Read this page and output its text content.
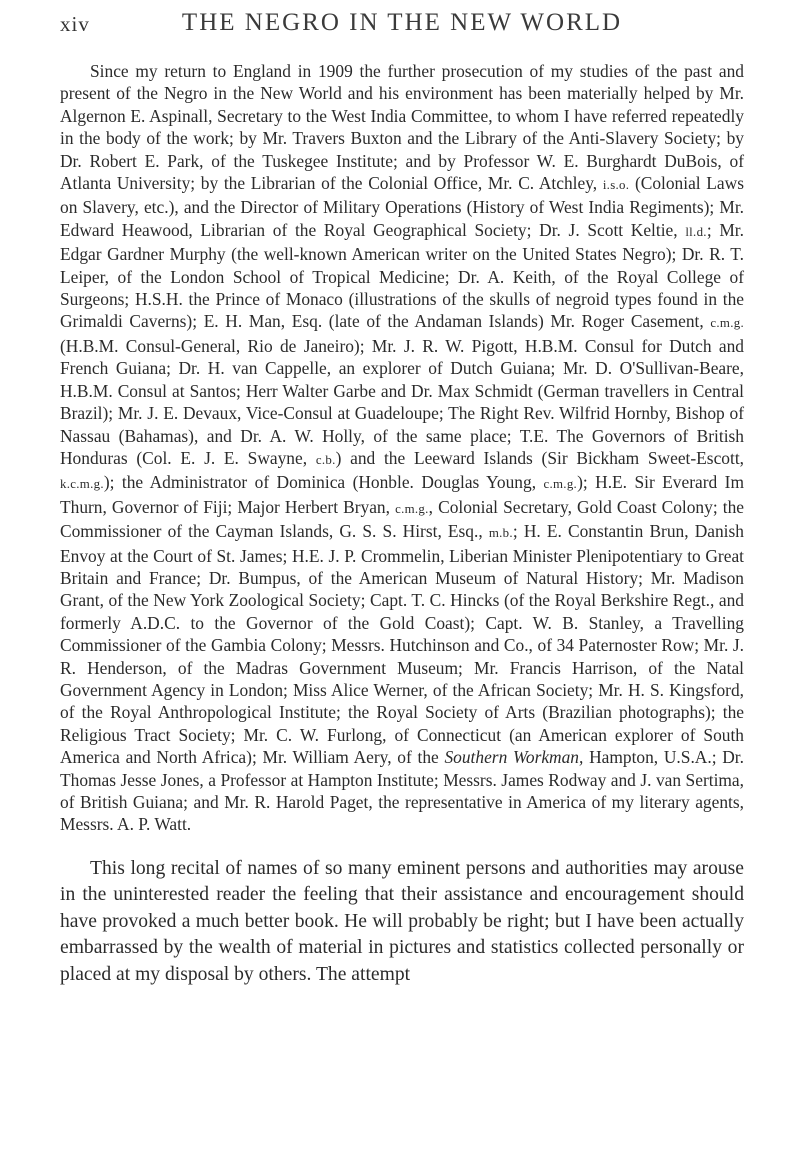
xiv	THE NEGRO IN THE NEW WORLD

Since my return to England in 1909 the further prosecution of my studies of the past and present of the Negro in the New World and his environment has been materially helped by Mr. Algernon E. Aspinall, Secretary to the West India Committee, to whom I have referred repeatedly in the body of the work; by Mr. Travers Buxton and the Library of the Anti-Slavery Society; by Dr. Robert E. Park, of the Tuskegee Institute; and by Professor W. E. Burghardt DuBois, of Atlanta University; by the Librarian of the Colonial Office, Mr. C. Atchley, i.s.o. (Colonial Laws on Slavery, etc.), and the Director of Military Operations (History of West India Regiments); Mr. Edward Heawood, Librarian of the Royal Geographical Society; Dr. J. Scott Keltie, ll.d.; Mr. Edgar Gardner Murphy (the well-known American writer on the United States Negro); Dr. R. T. Leiper, of the London School of Tropical Medicine; Dr. A. Keith, of the Royal College of Surgeons; H.S.H. the Prince of Monaco (illustrations of the skulls of negroid types found in the Grimaldi Caverns); E. H. Man, Esq. (late of the Andaman Islands) Mr. Roger Casement, c.m.g. (H.B.M. Consul-General, Rio de Janeiro); Mr. J. R. W. Pigott, H.B.M. Consul for Dutch and French Guiana; Dr. H. van Cappelle, an explorer of Dutch Guiana; Mr. D. O'Sullivan-Beare, H.B.M. Consul at Santos; Herr Walter Garbe and Dr. Max Schmidt (German travellers in Central Brazil); Mr. J. E. Devaux, Vice-Consul at Guadeloupe; The Right Rev. Wilfrid Hornby, Bishop of Nassau (Bahamas), and Dr. A. W. Holly, of the same place; T.E. The Governors of British Honduras (Col. E. J. E. Swayne, c.b.) and the Leeward Islands (Sir Bickham Sweet-Escott, k.c.m.g.); the Administrator of Dominica (Honble. Douglas Young, c.m.g.); H.E. Sir Everard Im Thurn, Governor of Fiji; Major Herbert Bryan, c.m.g., Colonial Secretary, Gold Coast Colony; the Commissioner of the Cayman Islands, G. S. S. Hirst, Esq., m.b.; H. E. Constantin Brun, Danish Envoy at the Court of St. James; H.E. J. P. Crommelin, Liberian Minister Plenipotentiary to Great Britain and France; Dr. Bumpus, of the American Museum of Natural History; Mr. Madison Grant, of the New York Zoological Society; Capt. T. C. Hincks (of the Royal Berkshire Regt., and formerly A.D.C. to the Governor of the Gold Coast); Capt. W. B. Stanley, a Travelling Commissioner of the Gambia Colony; Messrs. Hutchinson and Co., of 34 Paternoster Row; Mr. J. R. Henderson, of the Madras Government Museum; Mr. Francis Harrison, of the Natal Government Agency in London; Miss Alice Werner, of the African Society; Mr. H. S. Kingsford, of the Royal Anthropological Institute; the Royal Society of Arts (Brazilian photographs); the Religious Tract Society; Mr. C. W. Furlong, of Connecticut (an American explorer of South America and North Africa); Mr. William Aery, of the Southern Workman, Hampton, U.S.A.; Dr. Thomas Jesse Jones, a Professor at Hampton Institute; Messrs. James Rodway and J. van Sertima, of British Guiana; and Mr. R. Harold Paget, the representative in America of my literary agents, Messrs. A. P. Watt.

This long recital of names of so many eminent persons and authorities may arouse in the uninterested reader the feeling that their assistance and encouragement should have provoked a much better book. He will probably be right; but I have been actually embarrassed by the wealth of material in pictures and statistics collected personally or placed at my disposal by others. The attempt
